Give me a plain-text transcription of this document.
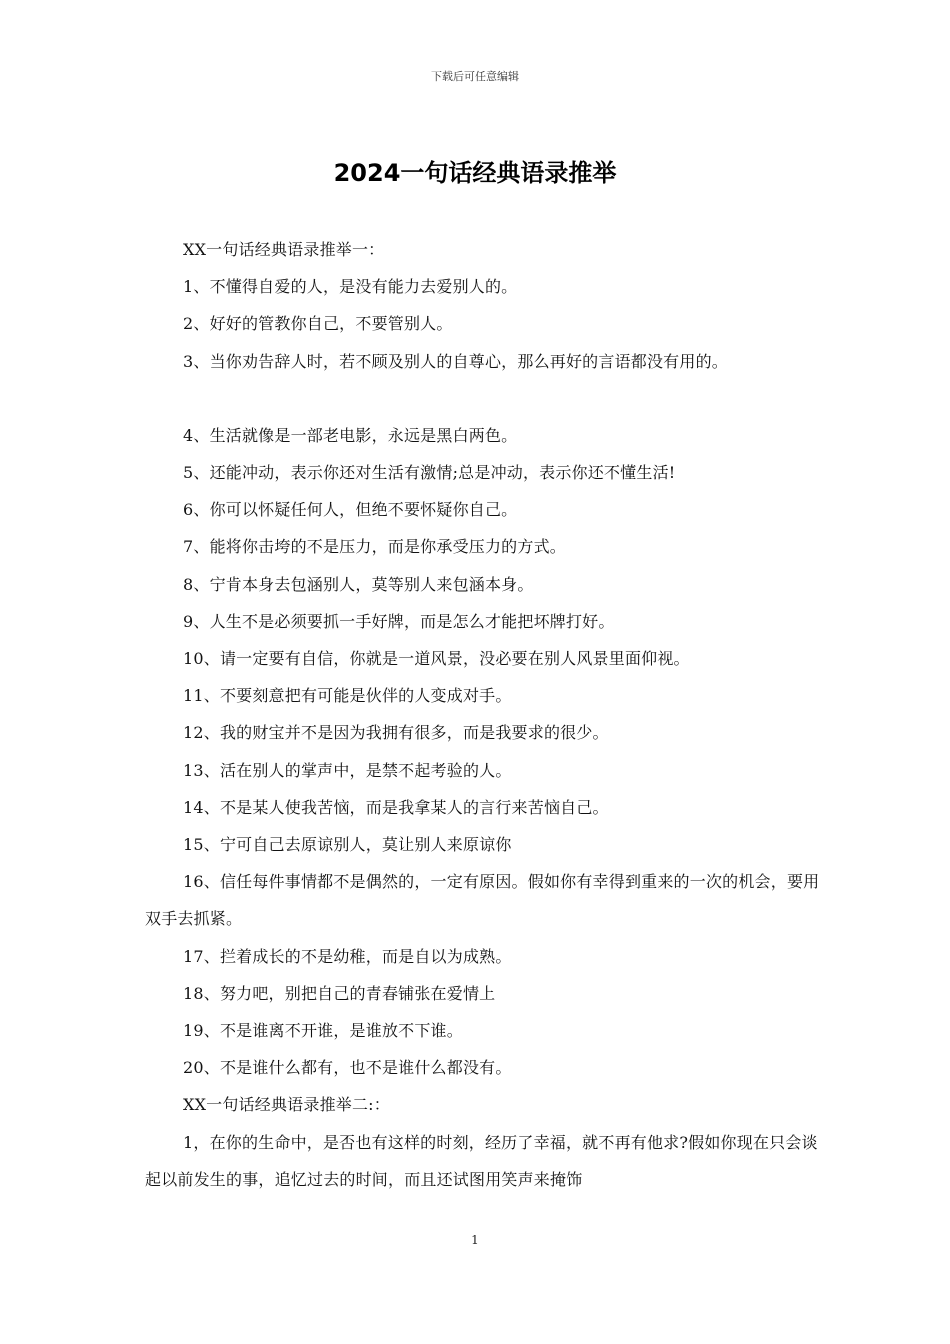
下载后可任意编辑
2024一句话经典语录推举

XX一句话经典语录推举一：

1、不懂得自爱的人，是没有能力去爱别人的。

2、好好的管教你自己，不要管别人。

3、当你劝告辞人时，若不顾及别人的自尊心，那么再好的言语都没有用的。

4、生活就像是一部老电影，永远是黑白两色。

5、还能冲动，表示你还对生活有激情;总是冲动，表示你还不懂生活!

6、你可以怀疑任何人，但绝不要怀疑你自己。

7、能将你击垮的不是压力，而是你承受压力的方式。

8、宁肯本身去包涵别人，莫等别人来包涵本身。

9、人生不是必须要抓一手好牌，而是怎么才能把坏牌打好。

10、请一定要有自信，你就是一道风景，没必要在别人风景里面仰视。

11、不要刻意把有可能是伙伴的人变成对手。

12、我的财宝并不是因为我拥有很多，而是我要求的很少。

13、活在别人的掌声中，是禁不起考验的人。

14、不是某人使我苦恼，而是我拿某人的言行来苦恼自己。

15、宁可自己去原谅别人，莫让别人来原谅你

16、信任每件事情都不是偶然的，一定有原因。假如你有幸得到重来的一次的机会，要用双手去抓紧。

17、拦着成长的不是幼稚，而是自以为成熟。

18、努力吧，别把自己的青春铺张在爱情上

19、不是谁离不开谁，是谁放不下谁。

20、不是谁什么都有，也不是谁什么都没有。

XX一句话经典语录推举二:：

1，在你的生命中，是否也有这样的时刻，经历了幸福，就不再有他求?假如你现在只会谈起以前发生的事，追忆过去的时间，而且还试图用笑声来掩饰

1
